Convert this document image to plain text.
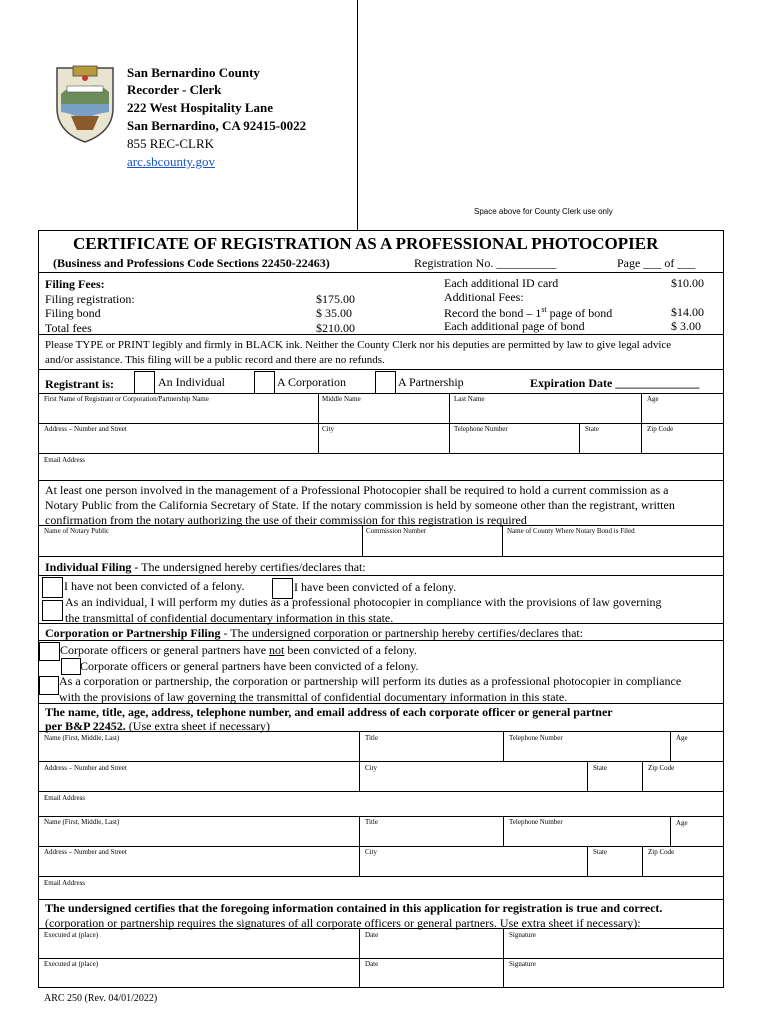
San Bernardino County
Recorder - Clerk
222 West Hospitality Lane
San Bernardino, CA 92415-0022
855 REC-CLRK
arc.sbcounty.gov
Space above for County Clerk use only
CERTIFICATE OF REGISTRATION AS A PROFESSIONAL PHOTOCOPIER
(Business and Professions Code Sections 22450-22463)	Registration No. __________	Page ___ of ___
Filing Fees:
Filing registration:	$175.00
Filing bond	$ 35.00
Total fees	$210.00
Each additional ID card	$10.00
Additional Fees:
Record the bond – 1st page of bond	$14.00
Each additional page of bond	$ 3.00
Please TYPE or PRINT legibly and firmly in BLACK ink. Neither the County Clerk nor his deputies are permitted by law to give legal advice
and/or assistance. This filing will be a public record and there are no refunds.
Registrant is:	An Individual	A Corporation	A Partnership	Expiration Date ______________
First Name of Registrant or Corporation/Partnership Name	Middle Name	Last Name	Age
Address – Number and Street	City	Telephone Number	State	Zip Code
Email Address
At least one person involved in the management of a Professional Photocopier shall be required to hold a current commission as a
Notary Public from the California Secretary of State. If the notary commission is held by someone other than the registrant, written
confirmation from the notary authorizing the use of their commission for this registration is required
Name of Notary Public	Commission Number	Name of County Where Notary Bond is Filed
Individual Filing - The undersigned hereby certifies/declares that:
I have not been convicted of a felony.	I have been convicted of a felony.
As an individual, I will perform my duties as a professional photocopier in compliance with the provisions of law governing
the transmittal of confidential documentary information in this state.
Corporation or Partnership Filing - The undersigned corporation or partnership hereby certifies/declares that:
Corporate officers or general partners have not been convicted of a felony.
Corporate officers or general partners have been convicted of a felony.
As a corporation or partnership, the corporation or partnership will perform its duties as a professional photocopier in compliance
with the provisions of law governing the transmittal of confidential documentary information in this state.
The name, title, age, address, telephone number, and email address of each corporate officer or general partner
per B&P 22452. (Use extra sheet if necessary)
Name (First, Middle, Last)	Title	Telephone Number	Age
Address – Number and Street	City	State	Zip Code
Email Address
Name (First, Middle, Last)	Title	Telephone Number	Age
Address – Number and Street	City	State	Zip Code
Email Address
The undersigned certifies that the foregoing information contained in this application for registration is true and correct.
(corporation or partnership requires the signatures of all corporate officers or general partners. Use extra sheet if necessary):
Executed at (place)	Date	Signature
Executed at (place)	Date	Signature
ARC 250 (Rev. 04/01/2022)
